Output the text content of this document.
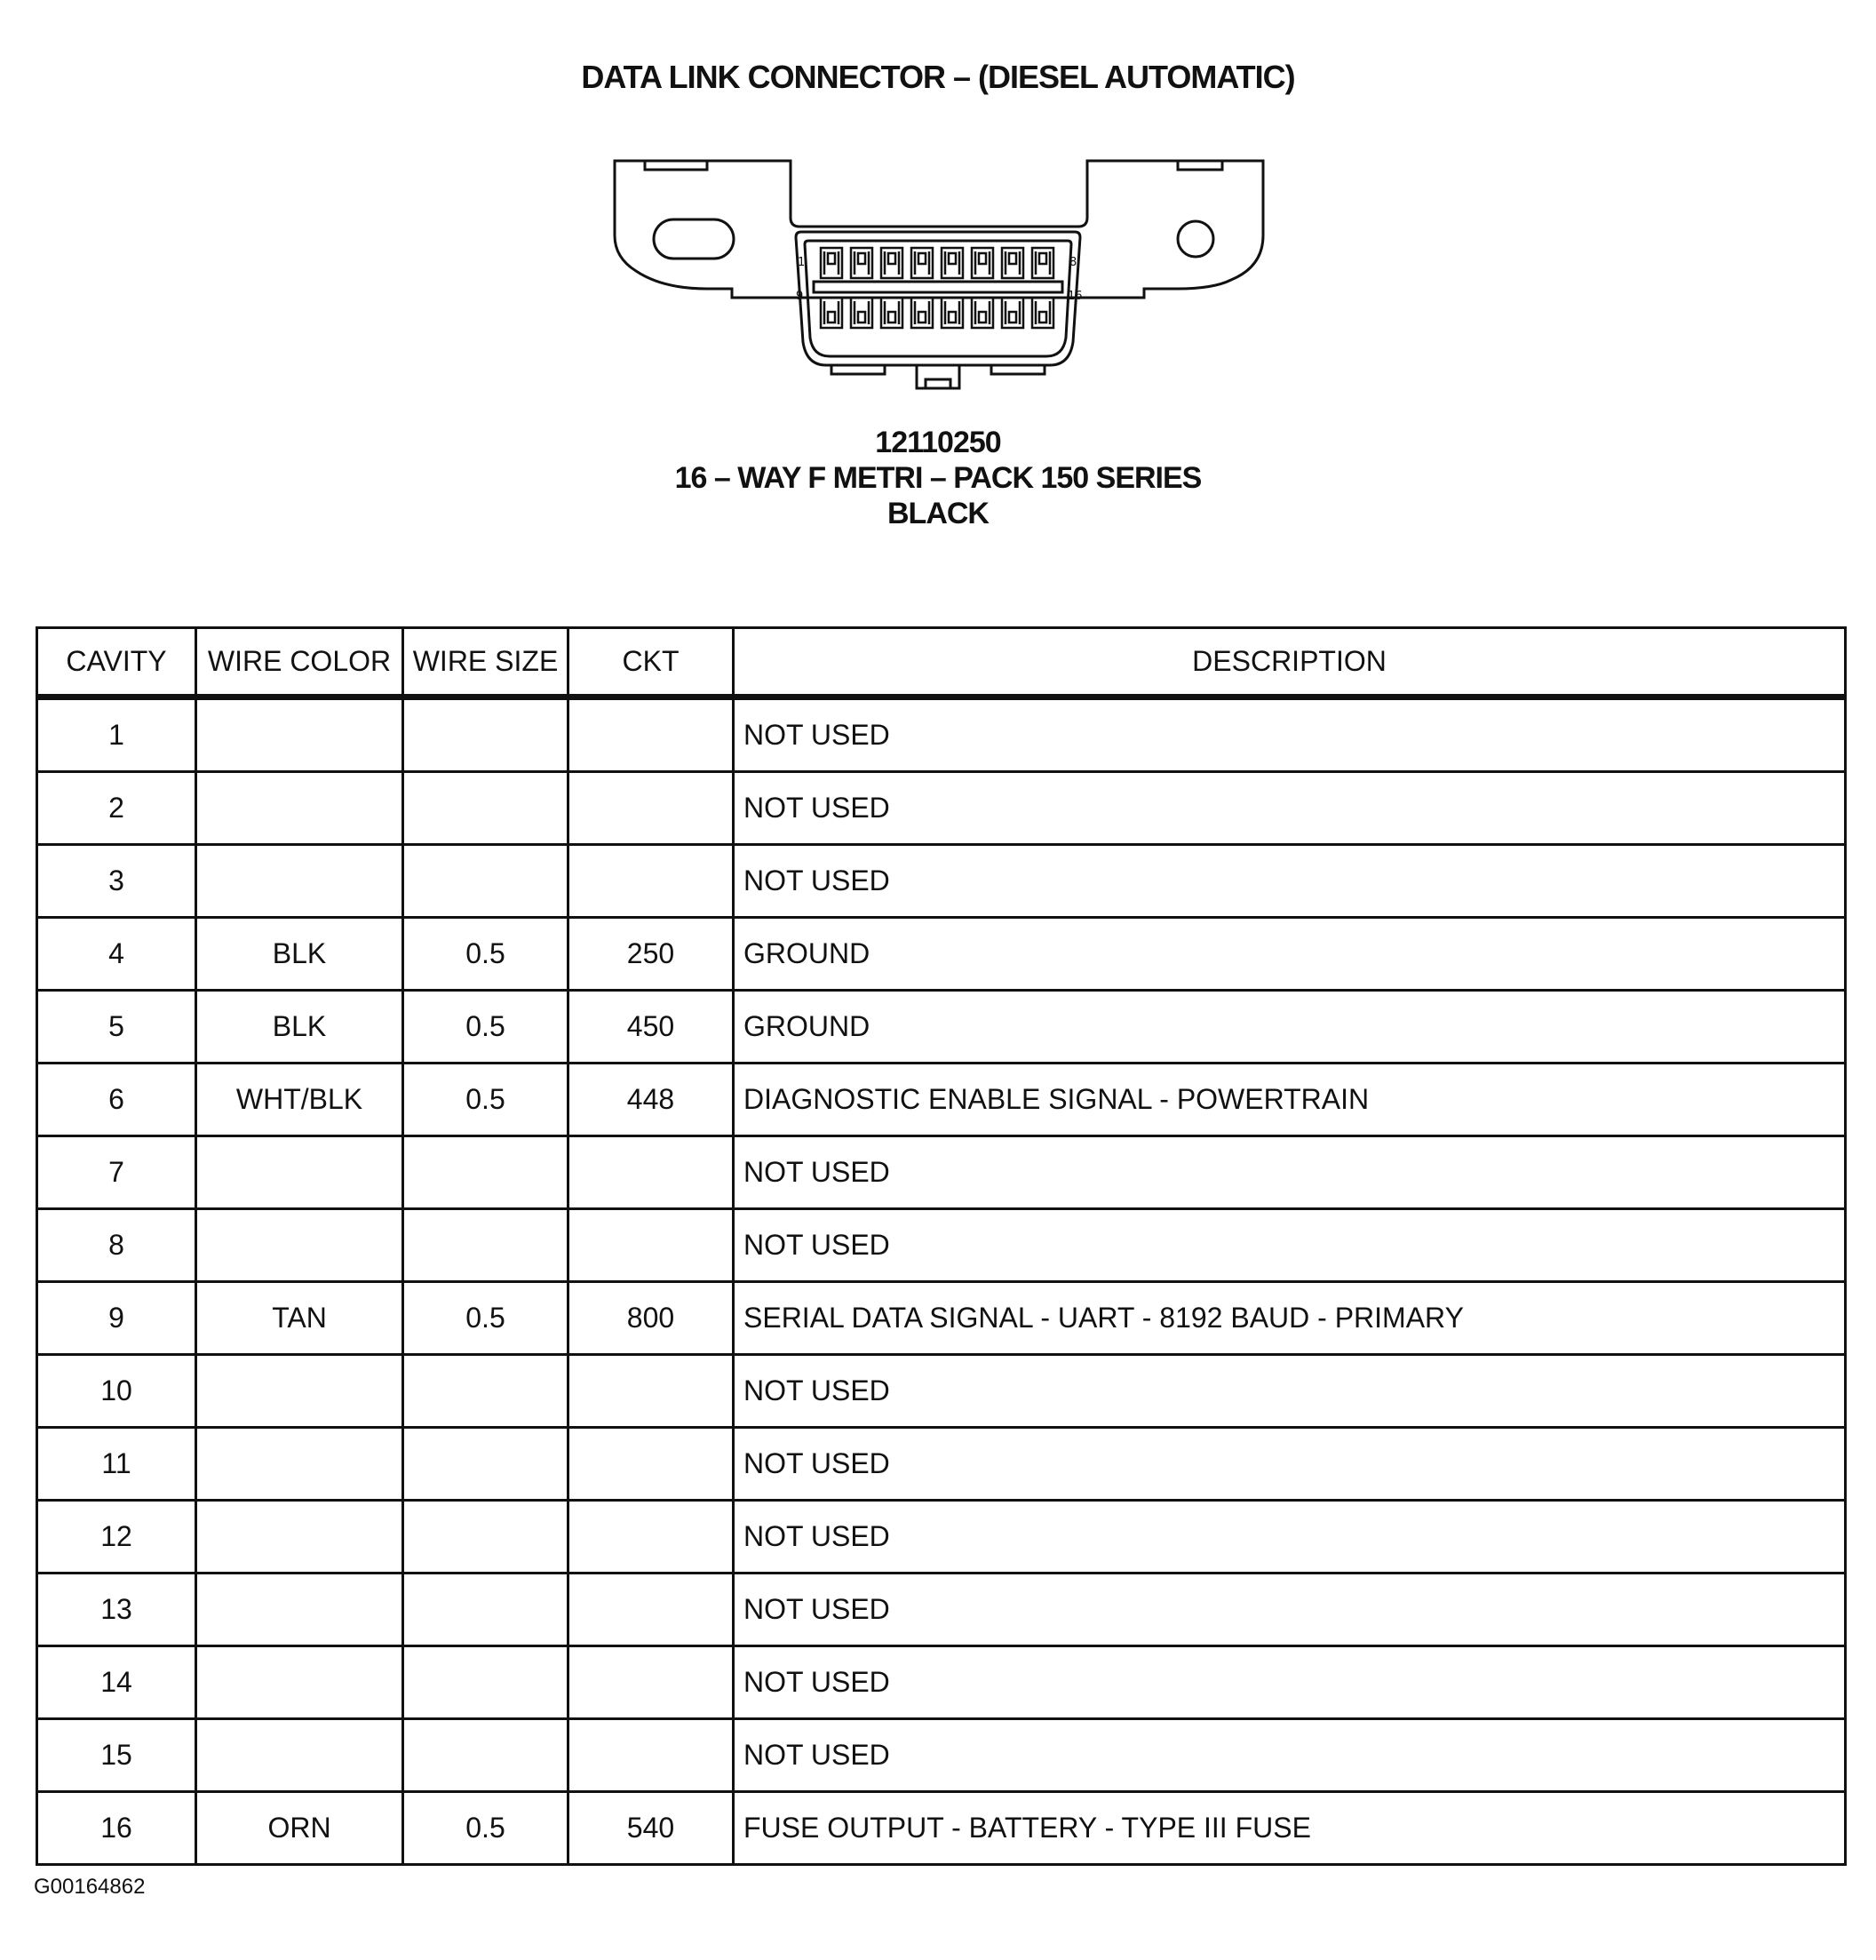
DATA LINK CONNECTOR – (DIESEL AUTOMATIC)
1	8
9	16
12110250
16 – WAY F METRI – PACK 150 SERIES
BLACK
CAVITY	WIRE COLOR	WIRE SIZE	CKT	DESCRIPTION
1				NOT USED
2				NOT USED
3				NOT USED
4	BLK	0.5	250	GROUND
5	BLK	0.5	450	GROUND
6	WHT/BLK	0.5	448	DIAGNOSTIC ENABLE SIGNAL - POWERTRAIN
7				NOT USED
8				NOT USED
9	TAN	0.5	800	SERIAL DATA SIGNAL - UART - 8192 BAUD - PRIMARY
10				NOT USED
11				NOT USED
12				NOT USED
13				NOT USED
14				NOT USED
15				NOT USED
16	ORN	0.5	540	FUSE OUTPUT - BATTERY - TYPE III FUSE
G00164862
